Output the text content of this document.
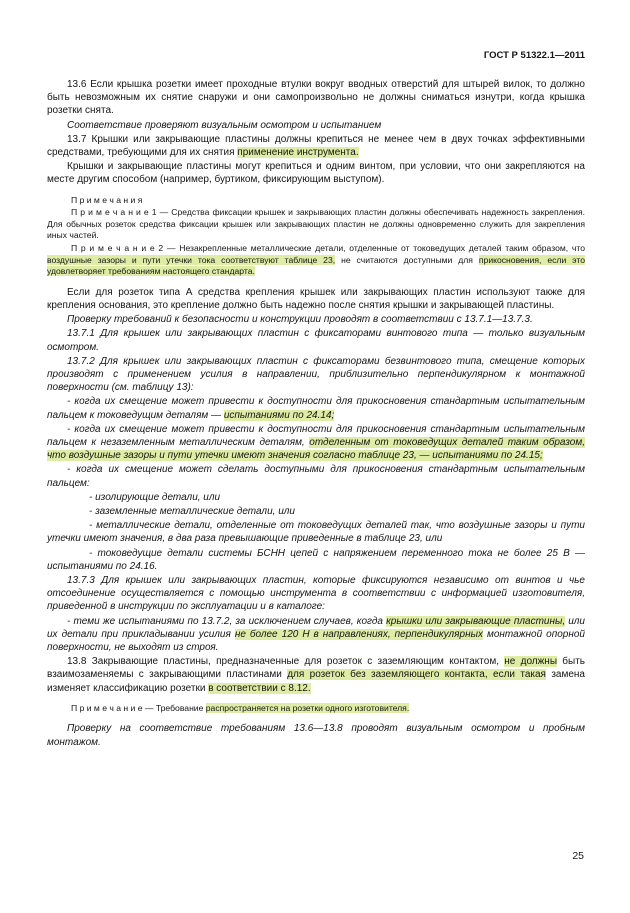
ГОСТ Р 51322.1—2011

13.6 Если крышка розетки имеет проходные втулки вокруг вводных отверстий для штырей вилок, то должно быть невозможным их снятие снаружи и они самопроизвольно не должны сниматься изнутри, когда крышка розетки снята.

Соответствие проверяют визуальным осмотром и испытанием

13.7 Крышки или закрывающие пластины должны крепиться не менее чем в двух точках эффективными средствами, требующими для их снятия применение инструмента.

Крышки и закрывающие пластины могут крепиться и одним винтом, при условии, что они закрепляются на месте другим способом (например, буртиком, фиксирующим выступом).

П р и м е ч а н и я

П р и м е ч а н и е 1 — Средства фиксации крышек и закрывающих пластин должны обеспечивать надежность закрепления. Для обычных розеток средства фиксации крышек или закрывающих пластин не должны одновременно служить для закрепления иных частей.

П р и м е ч а н и е 2 — Незакрепленные металлические детали, отделенные от токоведущих деталей таким образом, что воздушные зазоры и пути утечки тока соответствуют таблице 23, не считаются доступными для прикосновения, если это удовлетворяет требованиям настоящего стандарта.

Если для розеток типа А средства крепления крышек или закрывающих пластин используют также для крепления основания, это крепление должно быть надежно после снятия крышки и закрывающей пластины.

Проверку требований к безопасности и конструкции проводят в соответствии с 13.7.1—13.7.3.

13.7.1 Для крышек или закрывающих пластин с фиксаторами винтового типа — только визуальным осмотром.

13.7.2 Для крышек или закрывающих пластин с фиксаторами безвинтового типа, смещение которых производят с применением усилия в направлении, приблизительно перпендикулярном к монтажной поверхности (см. таблицу 13):

- когда их смещение может привести к доступности для прикосновения стандартным испытательным пальцем к токоведущим деталям — испытаниями по 24.14;

- когда их смещение может привести к доступности для прикосновения стандартным испытательным пальцем к незаземленным металлическим деталям, отделенным от токоведущих деталей таким образом, что воздушные зазоры и пути утечки имеют значения согласно таблице 23, — испытаниями по 24.15;

- когда их смещение может сделать доступными для прикосновения стандартным испытательным пальцем:

- изолирующие детали, или

- заземленные металлические детали, или

- металлические детали, отделенные от токоведущих деталей так, что воздушные зазоры и пути утечки имеют значения, в два раза превышающие приведенные в таблице 23, или

- токоведущие детали системы БСНН цепей с напряжением переменного тока не более 25 В — испытаниями по 24.16.

13.7.3 Для крышек или закрывающих пластин, которые фиксируются независимо от винтов и чье отсоединение осуществляется с помощью инструмента в соответствии с информацией изготовителя, приведенной в инструкции по эксплуатации и в каталоге:

- теми же испытаниями по 13.7.2, за исключением случаев, когда крышки или закрывающие пластины, или их детали при прикладывании усилия не более 120 Н в направлениях, перпендикулярных монтажной опорной поверхности, не выходят из строя.

13.8 Закрывающие пластины, предназначенные для розеток с заземляющим контактом, не должны быть взаимозаменяемы с закрывающими пластинами для розеток без заземляющего контакта, если такая замена изменяет классификацию розетки в соответствии с 8.12.

П р и м е ч а н и е — Требование распространяется на розетки одного изготовителя.

Проверку на соответствие требованиям 13.6—13.8 проводят визуальным осмотром и пробным монтажом.

25
